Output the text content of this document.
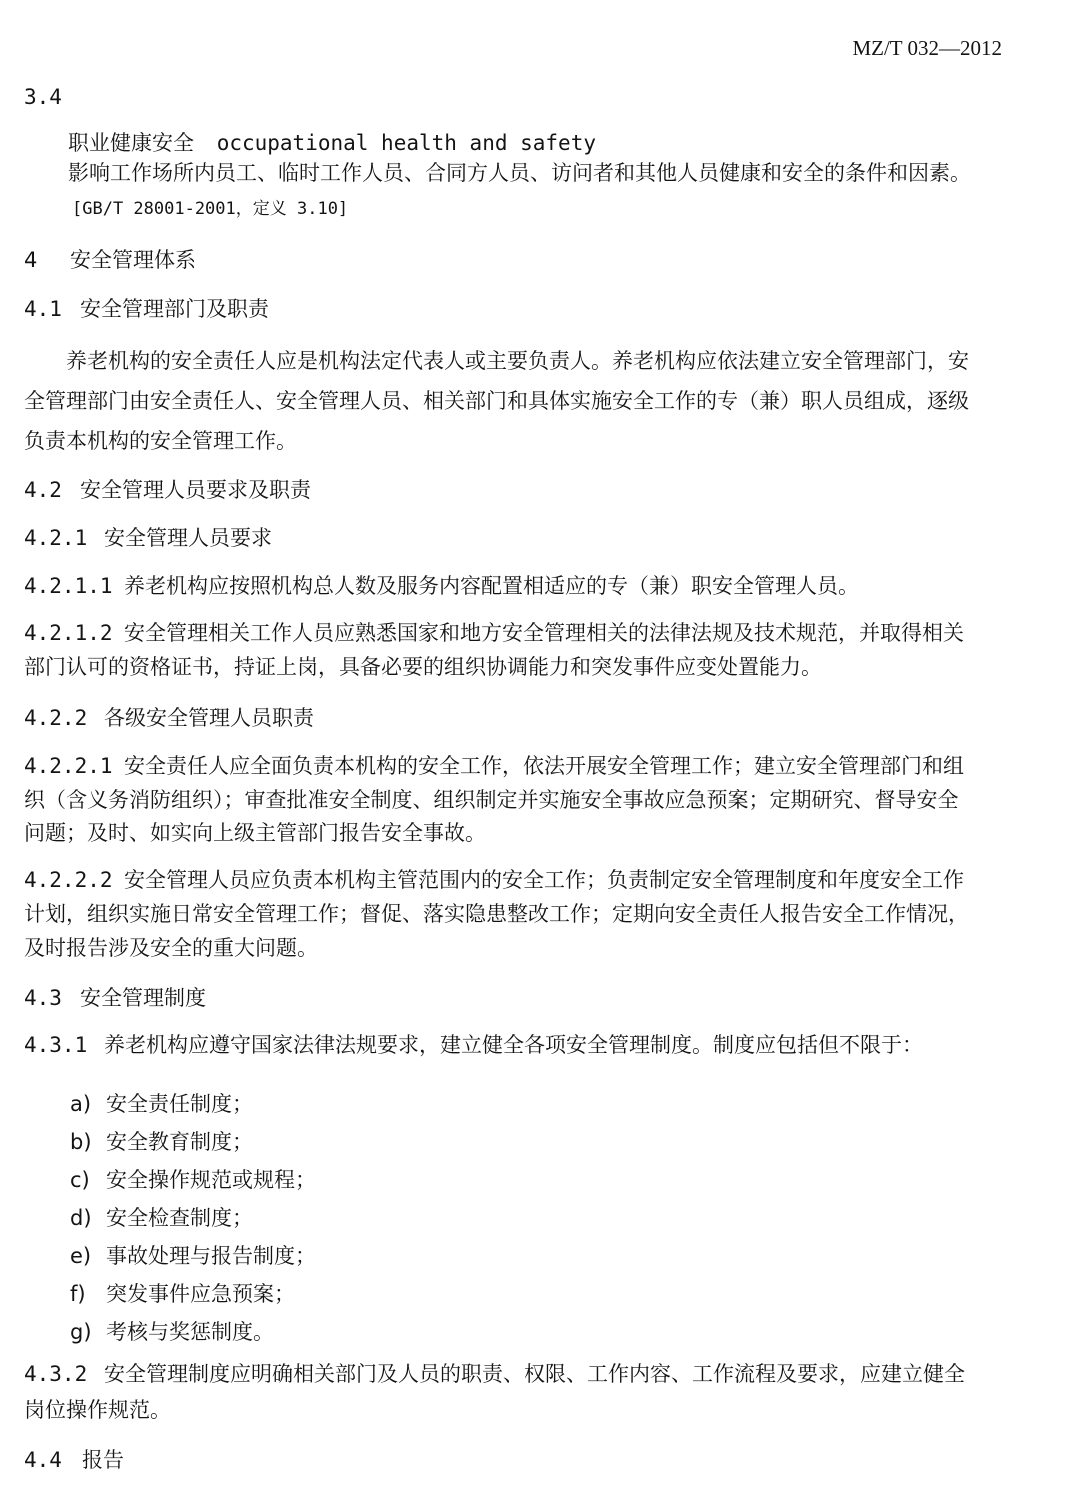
MZ/T 032—2012
3.4
职业健康安全 occupational health and safety
影响工作场所内员工、临时工作人员、合同方人员、访问者和其他人员健康和安全的条件和因素。
[GB/T 28001-2001，定义 3.10]
4 安全管理体系
4.1 安全管理部门及职责
养老机构的安全责任人应是机构法定代表人或主要负责人。养老机构应依法建立安全管理部门，安
全管理部门由安全责任人、安全管理人员、相关部门和具体实施安全工作的专（兼）职人员组成，逐级
负责本机构的安全管理工作。
4.2 安全管理人员要求及职责
4.2.1 安全管理人员要求
4.2.1.1 养老机构应按照机构总人数及服务内容配置相适应的专（兼）职安全管理人员。
4.2.1.2 安全管理相关工作人员应熟悉国家和地方安全管理相关的法律法规及技术规范，并取得相关
部门认可的资格证书，持证上岗，具备必要的组织协调能力和突发事件应变处置能力。
4.2.2 各级安全管理人员职责
4.2.2.1 安全责任人应全面负责本机构的安全工作，依法开展安全管理工作；建立安全管理部门和组
织（含义务消防组织）；审查批准安全制度、组织制定并实施安全事故应急预案；定期研究、督导安全
问题；及时、如实向上级主管部门报告安全事故。
4.2.2.2 安全管理人员应负责本机构主管范围内的安全工作；负责制定安全管理制度和年度安全工作
计划，组织实施日常安全管理工作；督促、落实隐患整改工作；定期向安全责任人报告安全工作情况，
及时报告涉及安全的重大问题。
4.3 安全管理制度
4.3.1 养老机构应遵守国家法律法规要求，建立健全各项安全管理制度。制度应包括但不限于：
a) 安全责任制度；
b) 安全教育制度；
c) 安全操作规范或规程；
d) 安全检查制度；
e) 事故处理与报告制度；
f) 突发事件应急预案；
g) 考核与奖惩制度。
4.3.2 安全管理制度应明确相关部门及人员的职责、权限、工作内容、工作流程及要求，应建立健全
岗位操作规范。
4.4 报告
